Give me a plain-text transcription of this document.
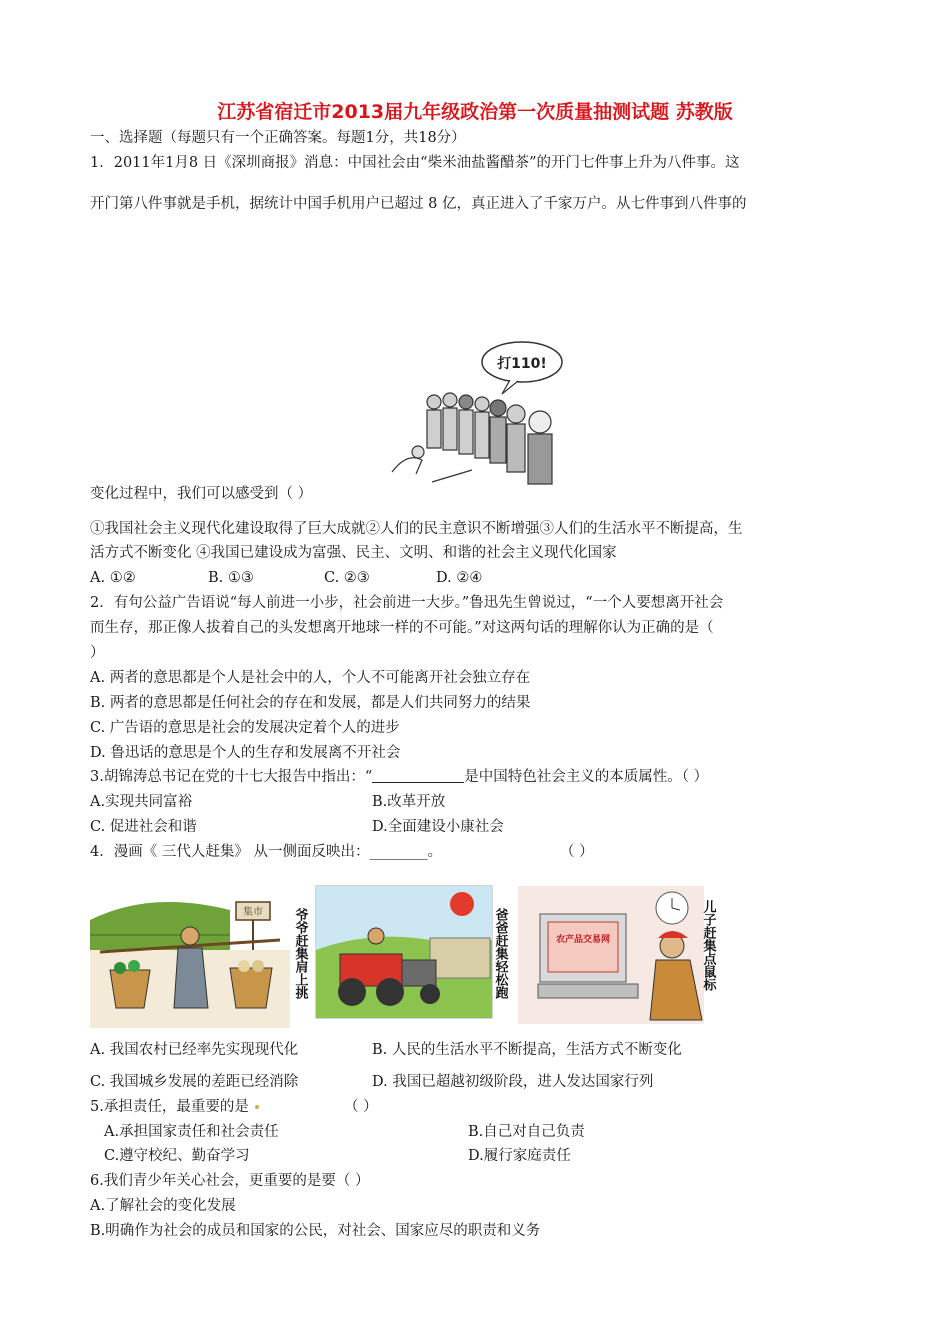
江苏省宿迁市2013届九年级政治第一次质量抽测试题 苏教版
一、选择题（每题只有一个正确答案。每题1分，共18分）
1．2011年1月8 日《深圳商报》消息：中国社会由“柴米油盐酱醋茶”的开门七件事上升为八件事。这
开门第八件事就是手机，据统计中国手机用户已超过 8 亿，真正进入了千家万户。从七件事到八件事的
打110!
变化过程中，我们可以感受到（ ）
①我国社会主义现代化建设取得了巨大成就②人们的民主意识不断增强③人们的生活水平不断提高，生
活方式不断变化 ④我国已建设成为富强、民主、文明、和谐的社会主义现代化国家
A. ①②	B. ①③	C. ②③	D. ②④
2．有句公益广告语说“每人前进一小步，社会前进一大步。”鲁迅先生曾说过，“一个人要想离开社会
而生存，那正像人拔着自己的头发想离开地球一样的不可能。”对这两句话的理解你认为正确的是（
）
A. 两者的意思都是个人是社会中的人，个人不可能离开社会独立存在
B. 两者的意思都是任何社会的存在和发展，都是人们共同努力的结果
C. 广告语的意思是社会的发展决定着个人的进步
D. 鲁迅话的意思是个人的生存和发展离不开社会
3.胡锦涛总书记在党的十七大报告中指出：“	是中国特色社会主义的本质属性。（ ）
A.实现共同富裕	B.改革开放
C. 促进社会和谐	D.全面建设小康社会
4．漫画《 三代人赶集》 从一侧面反映出：________。	（ ）
集市 爷爷赶集肩上挑	爸爸赶集轻松跑	农产品交易网	儿子赶集点鼠标
A. 我国农村已经率先实现现代化	B. 人民的生活水平不断提高，生活方式不断变化
C. 我国城乡发展的差距已经消除	D. 我国已超越初级阶段，进人发达国家行列
5.承担责任，最重要的是	（ ）
A.承担国家责任和社会责任	B.自己对自己负责
C.遵守校纪、勤奋学习	D.履行家庭责任
6.我们青少年关心社会，更重要的是要（ ）
A.了解社会的变化发展
B.明确作为社会的成员和国家的公民，对社会、国家应尽的职责和义务
